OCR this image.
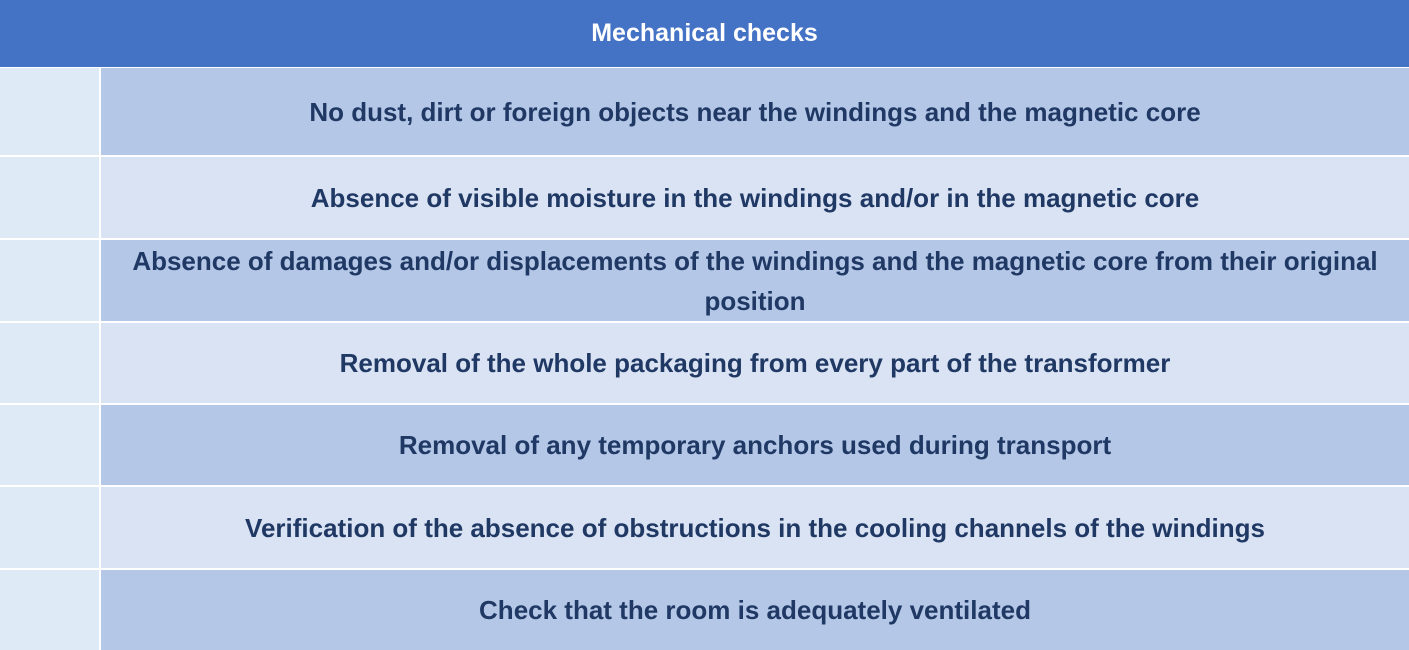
Mechanical checks
No dust, dirt or foreign objects near the windings and the magnetic core
Absence of visible moisture in the windings and/or in the magnetic core
Absence of damages and/or displacements of the windings and the magnetic core from their original position
Removal of the whole packaging from every part of the transformer
Removal of any temporary anchors used during transport
Verification of the absence of obstructions in the cooling channels of the windings
Check that the room is adequately ventilated
